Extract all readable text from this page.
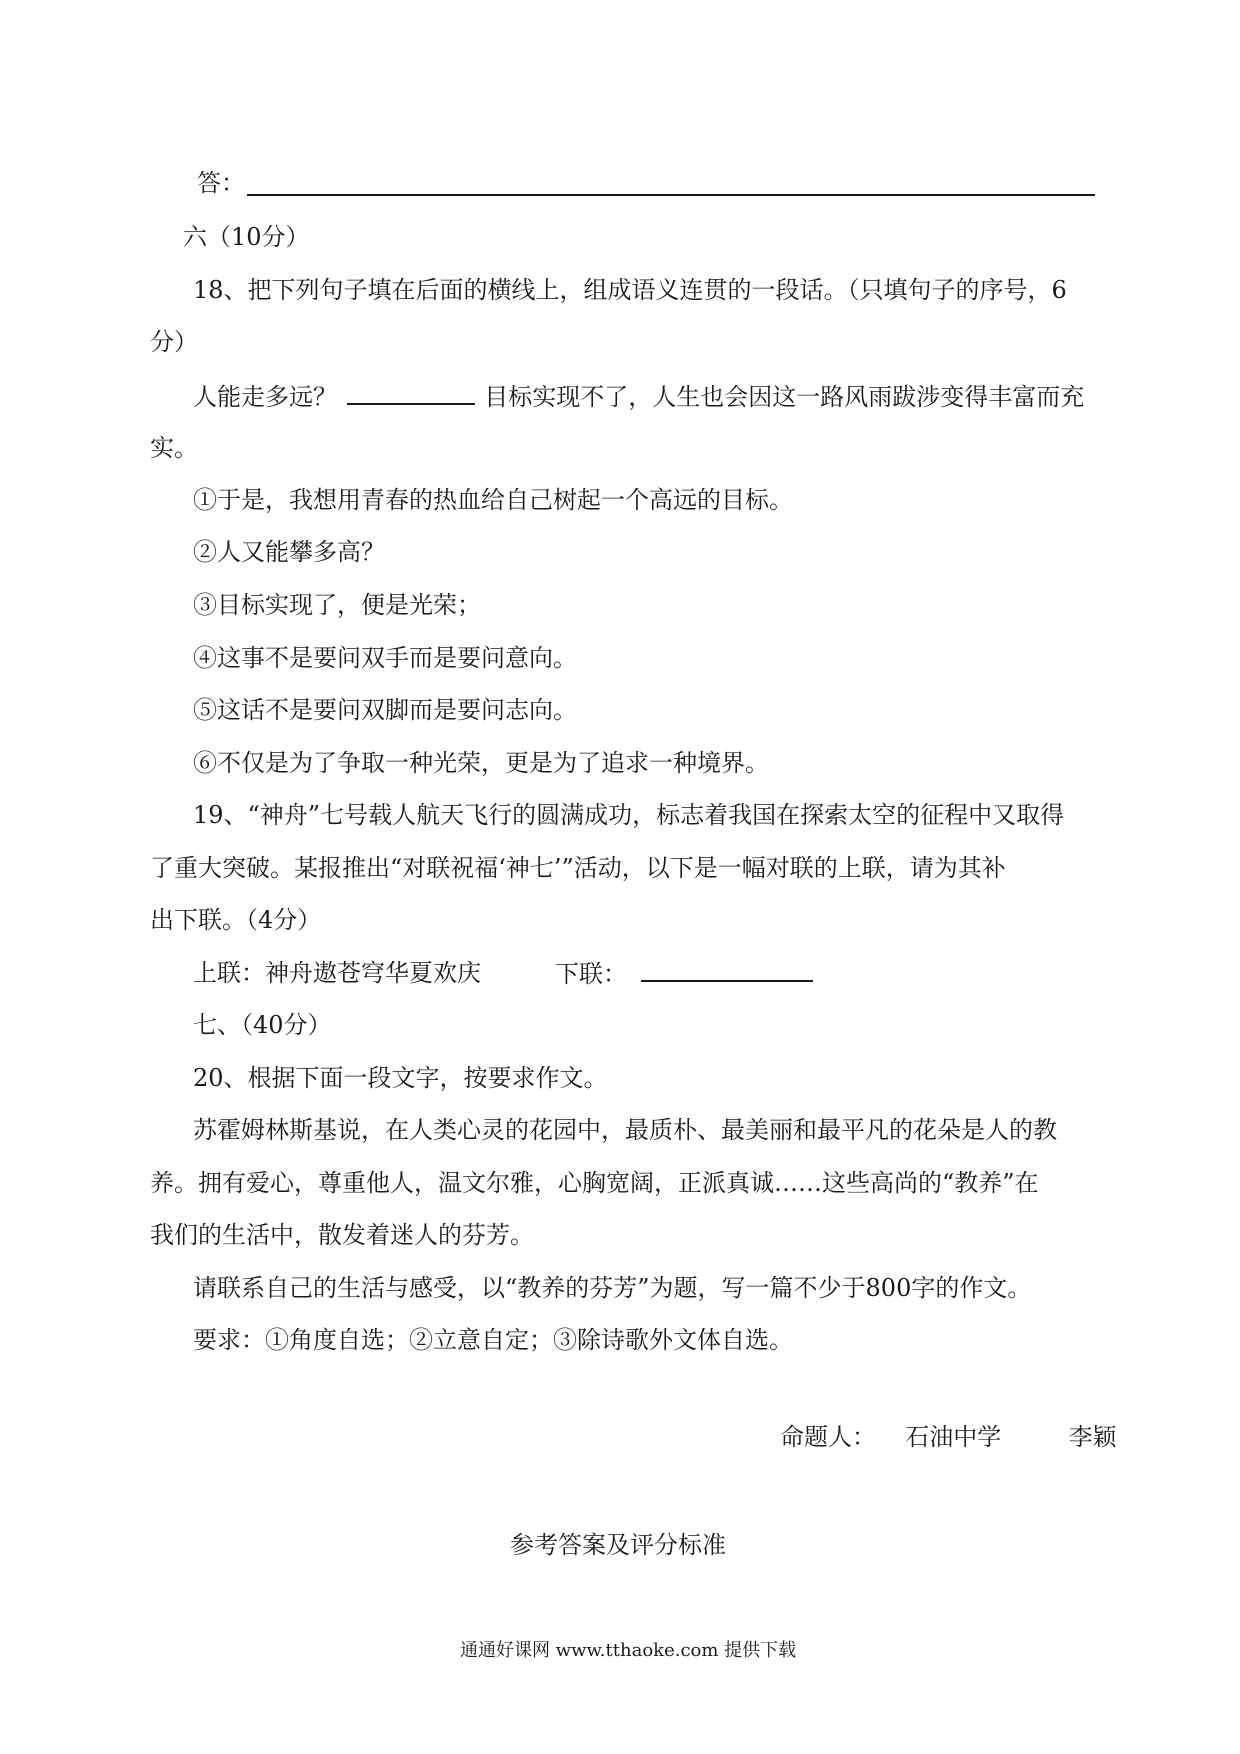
答：
六（10分）
18、把下列句子填在后面的横线上，组成语义连贯的一段话。（只填句子的序号，6
分）
人能走多远？	目标实现不了，人生也会因这一路风雨跋涉变得丰富而充
实。
①于是，我想用青春的热血给自己树起一个高远的目标。
②人又能攀多高？
③目标实现了，便是光荣；
④这事不是要问双手而是要问意向。
⑤这话不是要问双脚而是要问志向。
⑥不仅是为了争取一种光荣，更是为了追求一种境界。
19、“神舟”七号载人航天飞行的圆满成功，标志着我国在探索太空的征程中又取得
了重大突破。某报推出“对联祝福‘神七’”活动，以下是一幅对联的上联，请为其补
出下联。（4分）
上联：神舟遨苍穹华夏欢庆	下联：
七、（40分）
20、根据下面一段文字，按要求作文。
苏霍姆林斯基说，在人类心灵的花园中，最质朴、最美丽和最平凡的花朵是人的教
养。拥有爱心，尊重他人，温文尔雅，心胸宽阔，正派真诚……这些高尚的“教养”在
我们的生活中，散发着迷人的芬芳。
请联系自己的生活与感受，以“教养的芬芳”为题，写一篇不少于800字的作文。
要求：①角度自选；②立意自定；③除诗歌外文体自选。
命题人： 石油中学	李颖
参考答案及评分标准
通通好课网 www.tthaoke.com 提供下载
